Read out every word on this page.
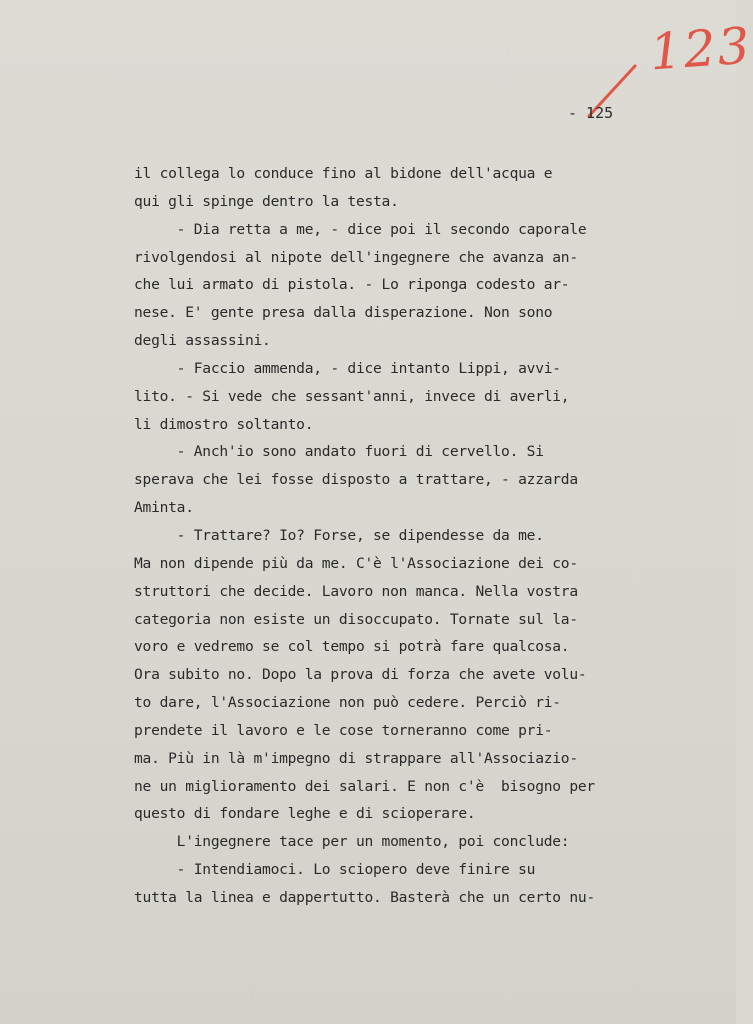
123
- 125
il collega lo conduce fino al bidone dell'acqua e
qui gli spinge dentro la testa.
- Dia retta a me, - dice poi il secondo caporale
rivolgendosi al nipote dell'ingegnere che avanza an-
che lui armato di pistola. - Lo riponga codesto ar-
nese. E' gente presa dalla disperazione. Non sono
degli assassini.
- Faccio ammenda, - dice intanto Lippi, avvi-
lito. - Si vede che sessant'anni, invece di averli,
li dimostro soltanto.
- Anch'io sono andato fuori di cervello. Si
sperava che lei fosse disposto a trattare, - azzarda
Aminta.
- Trattare? Io? Forse, se dipendesse da me.
Ma non dipende più da me. C'è l'Associazione dei co-
struttori che decide. Lavoro non manca. Nella vostra
categoria non esiste un disoccupato. Tornate sul la-
voro e vedremo se col tempo si potrà fare qualcosa.
Ora subito no. Dopo la prova di forza che avete volu-
to dare, l'Associazione non può cedere. Perciò ri-
prendete il lavoro e le cose torneranno come pri-
ma. Più in là m'impegno di strappare all'Associazio-
ne un miglioramento dei salari. E non c'è  bisogno per
questo di fondare leghe e di scioperare.
L'ingegnere tace per un momento, poi conclude:
- Intendiamoci. Lo sciopero deve finire su
tutta la linea e dappertutto. Basterà che un certo nu-
